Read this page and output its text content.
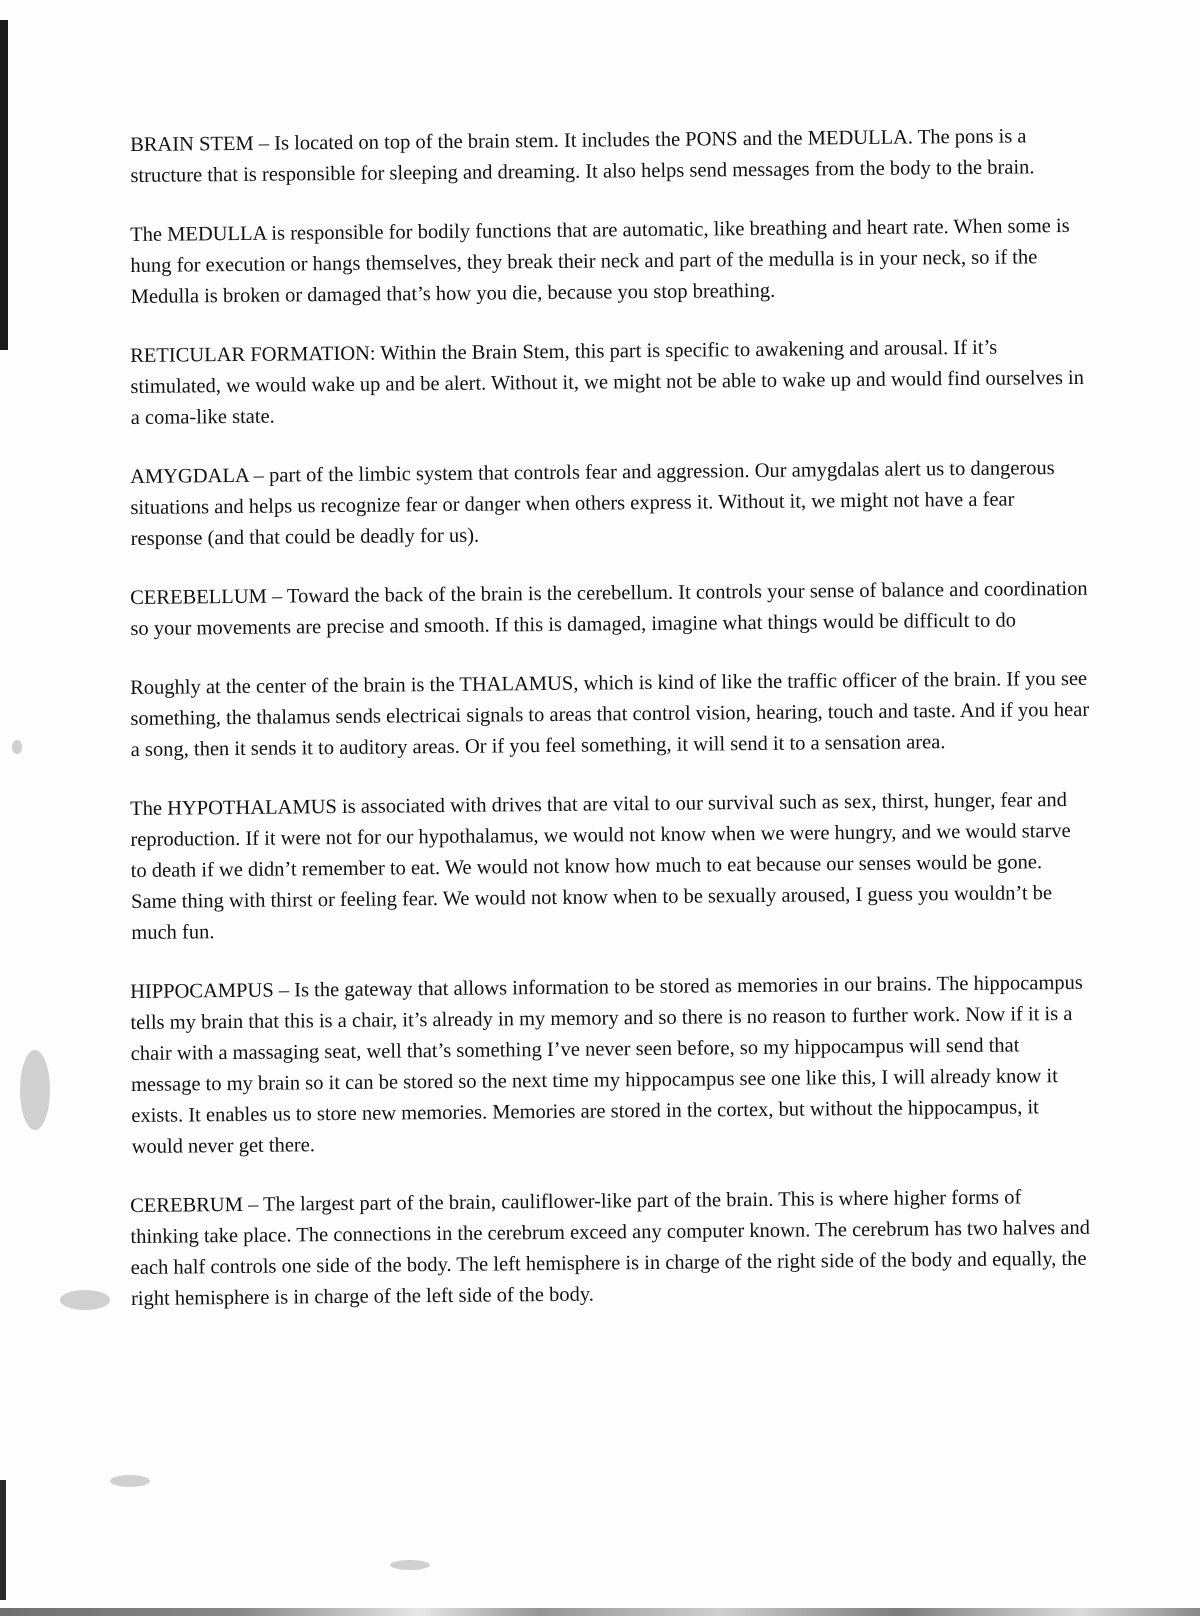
BRAIN STEM – Is located on top of the brain stem. It includes the PONS and the MEDULLA. The pons is a structure that is responsible for sleeping and dreaming. It also helps send messages from the body to the brain.

The MEDULLA is responsible for bodily functions that are automatic, like breathing and heart rate. When some is hung for execution or hangs themselves, they break their neck and part of the medulla is in your neck, so if the Medulla is broken or damaged that’s how you die, because you stop breathing.

RETICULAR FORMATION: Within the Brain Stem, this part is specific to awakening and arousal. If it’s stimulated, we would wake up and be alert. Without it, we might not be able to wake up and would find ourselves in a coma-like state.

AMYGDALA – part of the limbic system that controls fear and aggression. Our amygdalas alert us to dangerous situations and helps us recognize fear or danger when others express it. Without it, we might not have a fear response (and that could be deadly for us).

CEREBELLUM – Toward the back of the brain is the cerebellum. It controls your sense of balance and coordination so your movements are precise and smooth. If this is damaged, imagine what things would be difficult to do

Roughly at the center of the brain is the THALAMUS, which is kind of like the traffic officer of the brain. If you see something, the thalamus sends electricai signals to areas that control vision, hearing, touch and taste. And if you hear a song, then it sends it to auditory areas. Or if you feel something, it will send it to a sensation area.

The HYPOTHALAMUS is associated with drives that are vital to our survival such as sex, thirst, hunger, fear and reproduction. If it were not for our hypothalamus, we would not know when we were hungry, and we would starve to death if we didn’t remember to eat. We would not know how much to eat because our senses would be gone. Same thing with thirst or feeling fear. We would not know when to be sexually aroused, I guess you wouldn’t be much fun.

HIPPOCAMPUS – Is the gateway that allows information to be stored as memories in our brains. The hippocampus tells my brain that this is a chair, it’s already in my memory and so there is no reason to further work. Now if it is a chair with a massaging seat, well that’s something I’ve never seen before, so my hippocampus will send that message to my brain so it can be stored so the next time my hippocampus see one like this, I will already know it exists. It enables us to store new memories. Memories are stored in the cortex, but without the hippocampus, it would never get there.

CEREBRUM – The largest part of the brain, cauliflower-like part of the brain. This is where higher forms of thinking take place. The connections in the cerebrum exceed any computer known. The cerebrum has two halves and each half controls one side of the body. The left hemisphere is in charge of the right side of the body and equally, the right hemisphere is in charge of the left side of the body.
